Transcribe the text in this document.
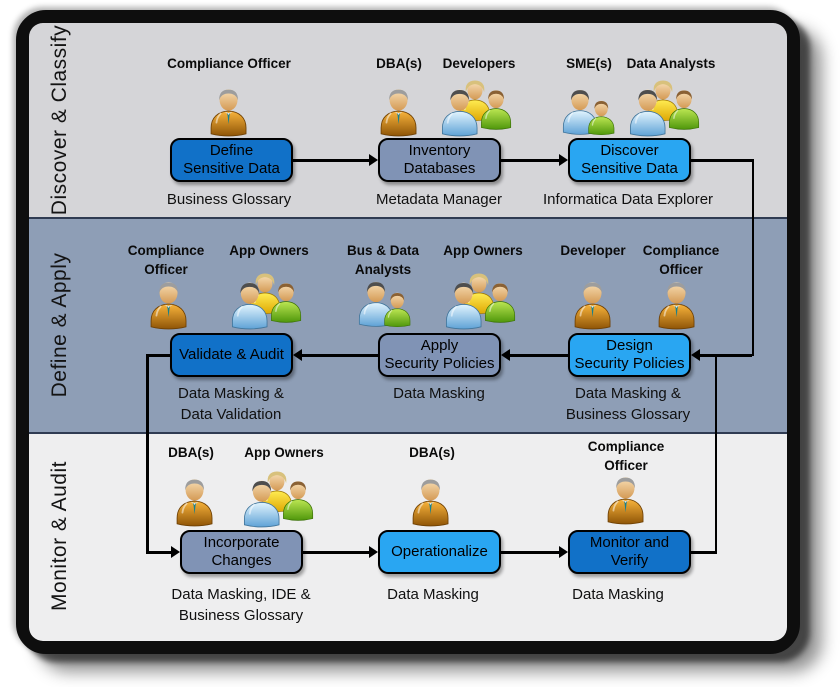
Discover & Classify
Define & Apply
Monitor & Audit
Compliance Officer	DBA(s) Developers	SME(s) Data Analysts
Define
Sensitive Data
Inventory
Databases
Discover
Sensitive Data
Business Glossary	Metadata Manager	Informatica Data Explorer
Compliance
Officer
App Owners	Bus & Data
Analysts
App Owners	Developer Compliance
Officer
Validate & Audit
Apply
Security Policies
Design
Security Policies
Data Masking &
Data Validation
Data Masking	Data Masking &
Business Glossary
DBA(s) App Owners	DBA(s)	Compliance
Officer
Incorporate
Changes
Operationalize
Monitor and
Verify
Data Masking, IDE &
Business Glossary
Data Masking	Data Masking
